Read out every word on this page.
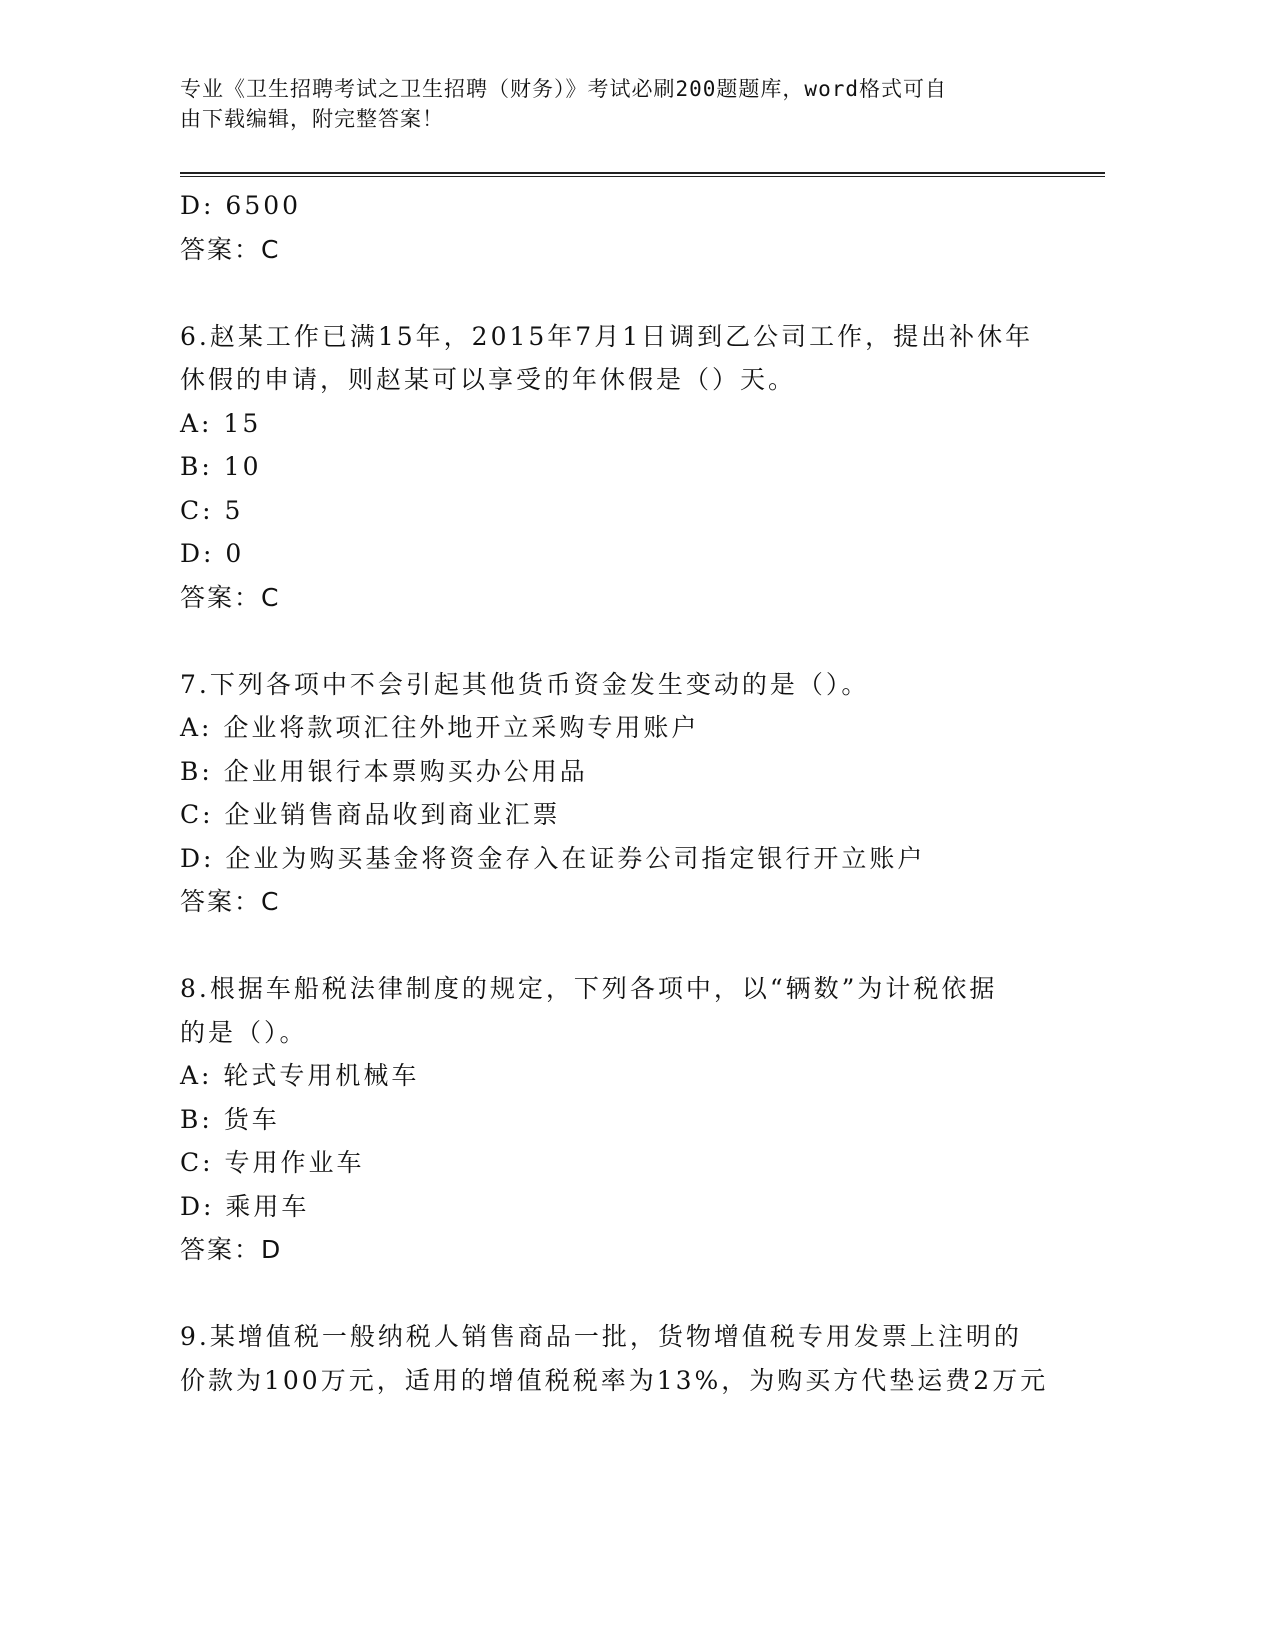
专业《卫生招聘考试之卫生招聘（财务）》考试必刷200题题库，word格式可自
由下载编辑，附完整答案！
D: 6500
答案：C
6.赵某工作已满15年，2015年7月1日调到乙公司工作，提出补休年
休假的申请，则赵某可以享受的年休假是（）天。
A: 15
B: 10
C: 5
D: 0
答案：C
7.下列各项中不会引起其他货币资金发生变动的是（）。
A: 企业将款项汇往外地开立采购专用账户
B: 企业用银行本票购买办公用品
C: 企业销售商品收到商业汇票
D: 企业为购买基金将资金存入在证券公司指定银行开立账户
答案：C
8.根据车船税法律制度的规定，下列各项中，以“辆数”为计税依据
的是（）。
A: 轮式专用机械车
B: 货车
C: 专用作业车
D: 乘用车
答案：D
9.某增值税一般纳税人销售商品一批，货物增值税专用发票上注明的
价款为100万元，适用的增值税税率为13%，为购买方代垫运费2万元
